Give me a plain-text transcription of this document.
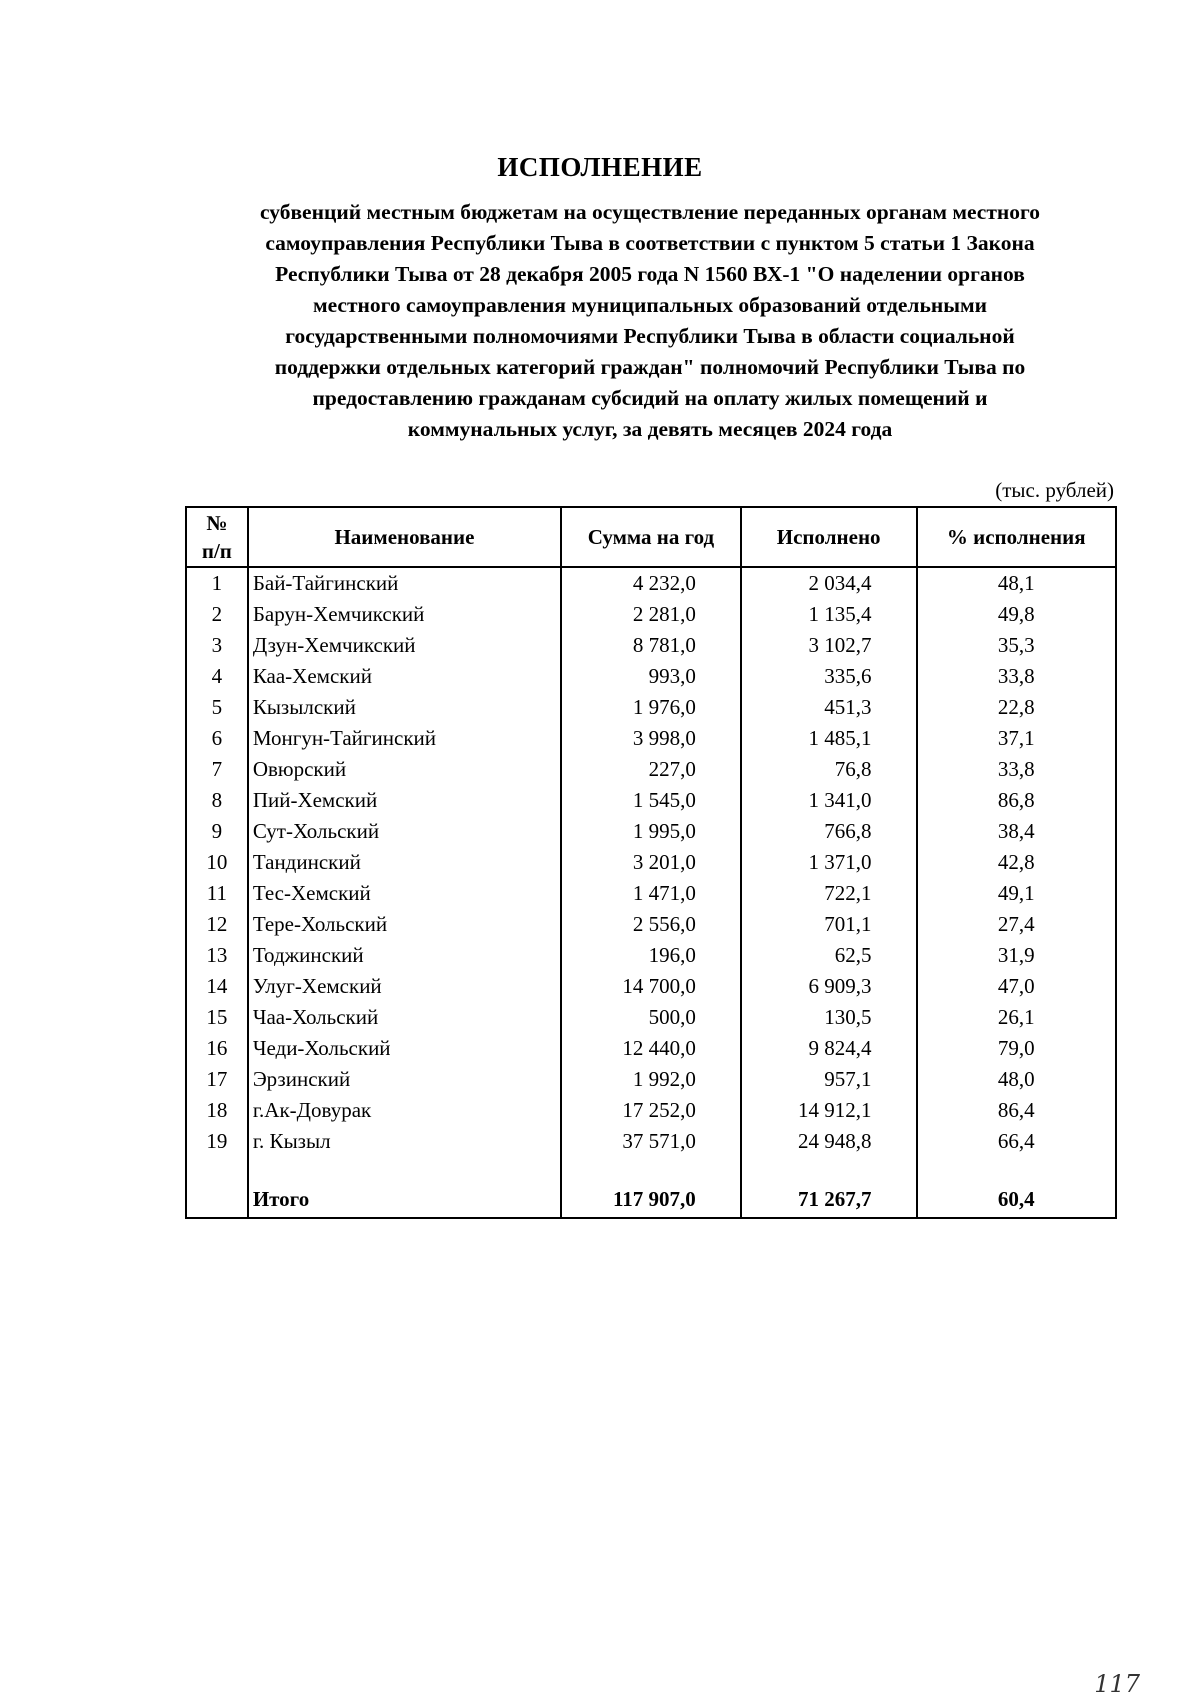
ИСПОЛНЕНИЕ
субвенций местным бюджетам на осуществление переданных органам местного
самоуправления Республики Тыва в соответствии с пунктом 5 статьи 1 Закона
Республики Тыва от 28 декабря 2005 года N 1560 ВХ-1 "О наделении органов
местного самоуправления муниципальных образований отдельными
государственными полномочиями Республики Тыва в области социальной
поддержки отдельных категорий граждан" полномочий Республики Тыва по
предоставлению гражданам субсидий на оплату жилых помещений и
коммунальных услуг, за девять месяцев 2024 года
(тыс. рублей)
№
п/п	Наименование	Сумма на год	Исполнено	% исполнения
1	Бай-Тайгинский	4 232,0	2 034,4	48,1
2	Барун-Хемчикский	2 281,0	1 135,4	49,8
3	Дзун-Хемчикский	8 781,0	3 102,7	35,3
4	Каа-Хемский	993,0	335,6	33,8
5	Кызылский	1 976,0	451,3	22,8
6	Монгун-Тайгинский	3 998,0	1 485,1	37,1
7	Овюрский	227,0	76,8	33,8
8	Пий-Хемский	1 545,0	1 341,0	86,8
9	Сут-Хольский	1 995,0	766,8	38,4
10	Тандинский	3 201,0	1 371,0	42,8
11	Тес-Хемский	1 471,0	722,1	49,1
12	Тере-Хольский	2 556,0	701,1	27,4
13	Тоджинский	196,0	62,5	31,9
14	Улуг-Хемский	14 700,0	6 909,3	47,0
15	Чаа-Хольский	500,0	130,5	26,1
16	Чеди-Хольский	12 440,0	9 824,4	79,0
17	Эрзинский	1 992,0	957,1	48,0
18	г.Ак-Довурак	17 252,0	14 912,1	86,4
19	г. Кызыл	37 571,0	24 948,8	66,4

	Итого	117 907,0	71 267,7	60,4
117
